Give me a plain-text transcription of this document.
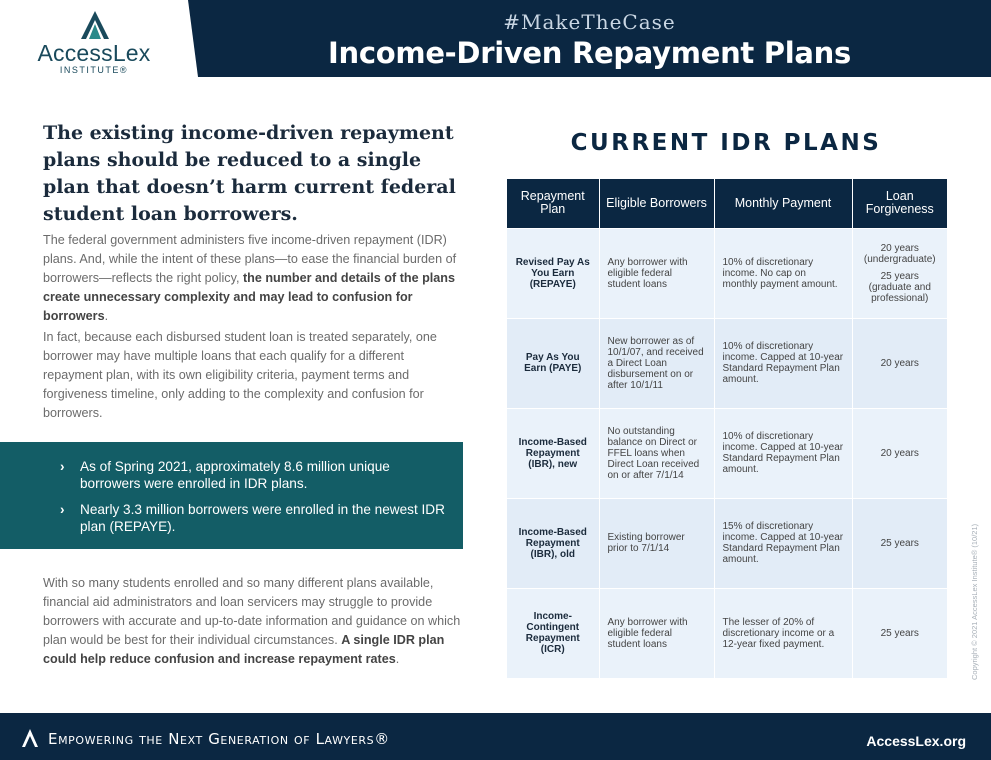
AccessLex
INSTITUTE®
#MakeTheCase
Income-Driven Repayment Plans
The existing income-driven repayment plans should be reduced to a single plan that doesn’t harm current federal student loan borrowers.
The federal government administers five income-driven repayment (IDR) plans. And, while the intent of these plans—to ease the financial burden of borrowers—reflects the right policy, the number and details of the plans create unnecessary complexity and may lead to confusion for borrowers.
In fact, because each disbursed student loan is treated separately, one borrower may have multiple loans that each qualify for a different repayment plan, with its own eligibility criteria, payment terms and forgiveness timeline, only adding to the complexity and confusion for borrowers.
› As of Spring 2021, approximately 8.6 million unique borrowers were enrolled in IDR plans.
› Nearly 3.3 million borrowers were enrolled in the newest IDR plan (REPAYE).
With so many students enrolled and so many different plans available, financial aid administrators and loan servicers may struggle to provide borrowers with accurate and up-to-date information and guidance on which plan would be best for their individual circumstances. A single IDR plan could help reduce confusion and increase repayment rates.
CURRENT IDR PLANS
Repayment Plan	Eligible Borrowers	Monthly Payment	Loan Forgiveness
Revised Pay As You Earn (REPAYE)	Any borrower with eligible federal student loans	10% of discretionary income. No cap on monthly payment amount.	20 years (undergraduate)
25 years (graduate and professional)

Pay As You Earn (PAYE)	New borrower as of 10/1/07, and received a Direct Loan disbursement on or after 10/1/11	10% of discretionary income. Capped at 10-year Standard Repayment Plan amount.	20 years
Income-Based Repayment (IBR), new	No outstanding balance on Direct or FFEL loans when Direct Loan received on or after 7/1/14	10% of discretionary income. Capped at 10-year Standard Repayment Plan amount.	20 years
Income-Based Repayment (IBR), old	Existing borrower prior to 7/1/14	15% of discretionary income. Capped at 10-year Standard Repayment Plan amount.	25 years
Income-Contingent Repayment (ICR)	Any borrower with eligible federal student loans	The lesser of 20% of discretionary income or a 12-year fixed payment.	25 years	Copyright © 2021 AccessLex Institute® (10/21)
Empowering the Next Generation of Lawyers®	AccessLex.org
